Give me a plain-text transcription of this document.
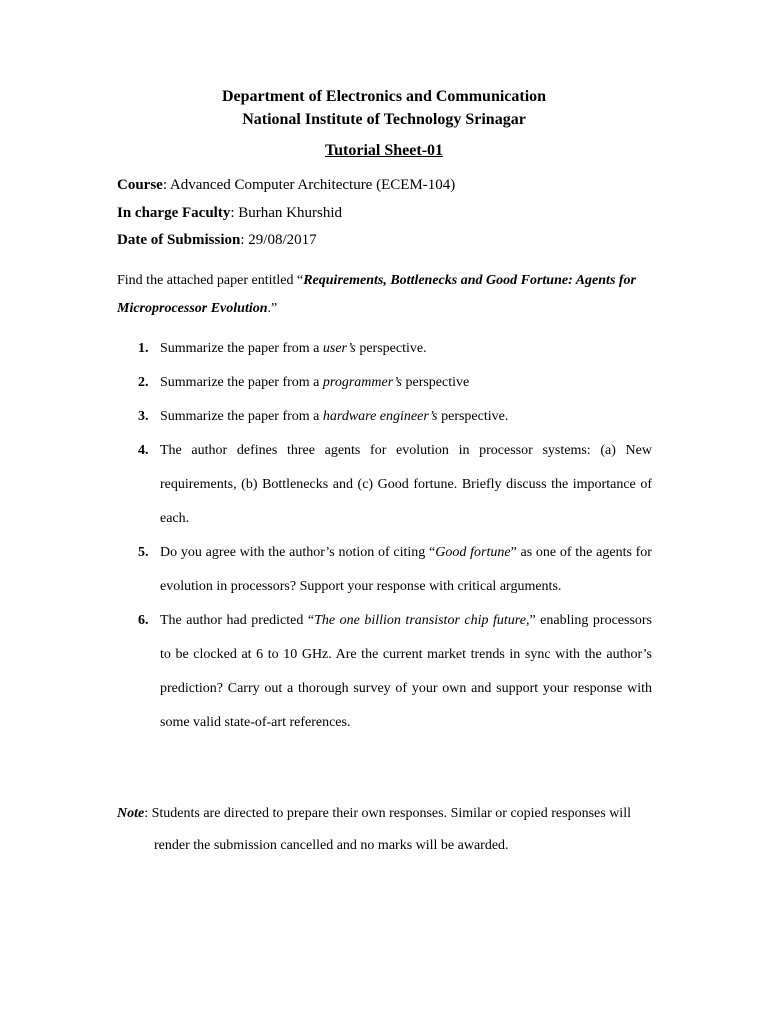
Department of Electronics and Communication
National Institute of Technology Srinagar
Tutorial Sheet-01
Course: Advanced Computer Architecture (ECEM-104)
In charge Faculty: Burhan Khurshid
Date of Submission: 29/08/2017
Find the attached paper entitled “Requirements, Bottlenecks and Good Fortune: Agents for Microprocessor Evolution.”
1. Summarize the paper from a user’s perspective.
2. Summarize the paper from a programmer’s perspective
3. Summarize the paper from a hardware engineer’s perspective.
4. The author defines three agents for evolution in processor systems: (a) New requirements, (b) Bottlenecks and (c) Good fortune. Briefly discuss the importance of each.
5. Do you agree with the author’s notion of citing “Good fortune” as one of the agents for evolution in processors? Support your response with critical arguments.
6. The author had predicted “The one billion transistor chip future,” enabling processors to be clocked at 6 to 10 GHz. Are the current market trends in sync with the author’s prediction? Carry out a thorough survey of your own and support your response with some valid state-of-art references.
Note: Students are directed to prepare their own responses. Similar or copied responses will
render the submission cancelled and no marks will be awarded.
